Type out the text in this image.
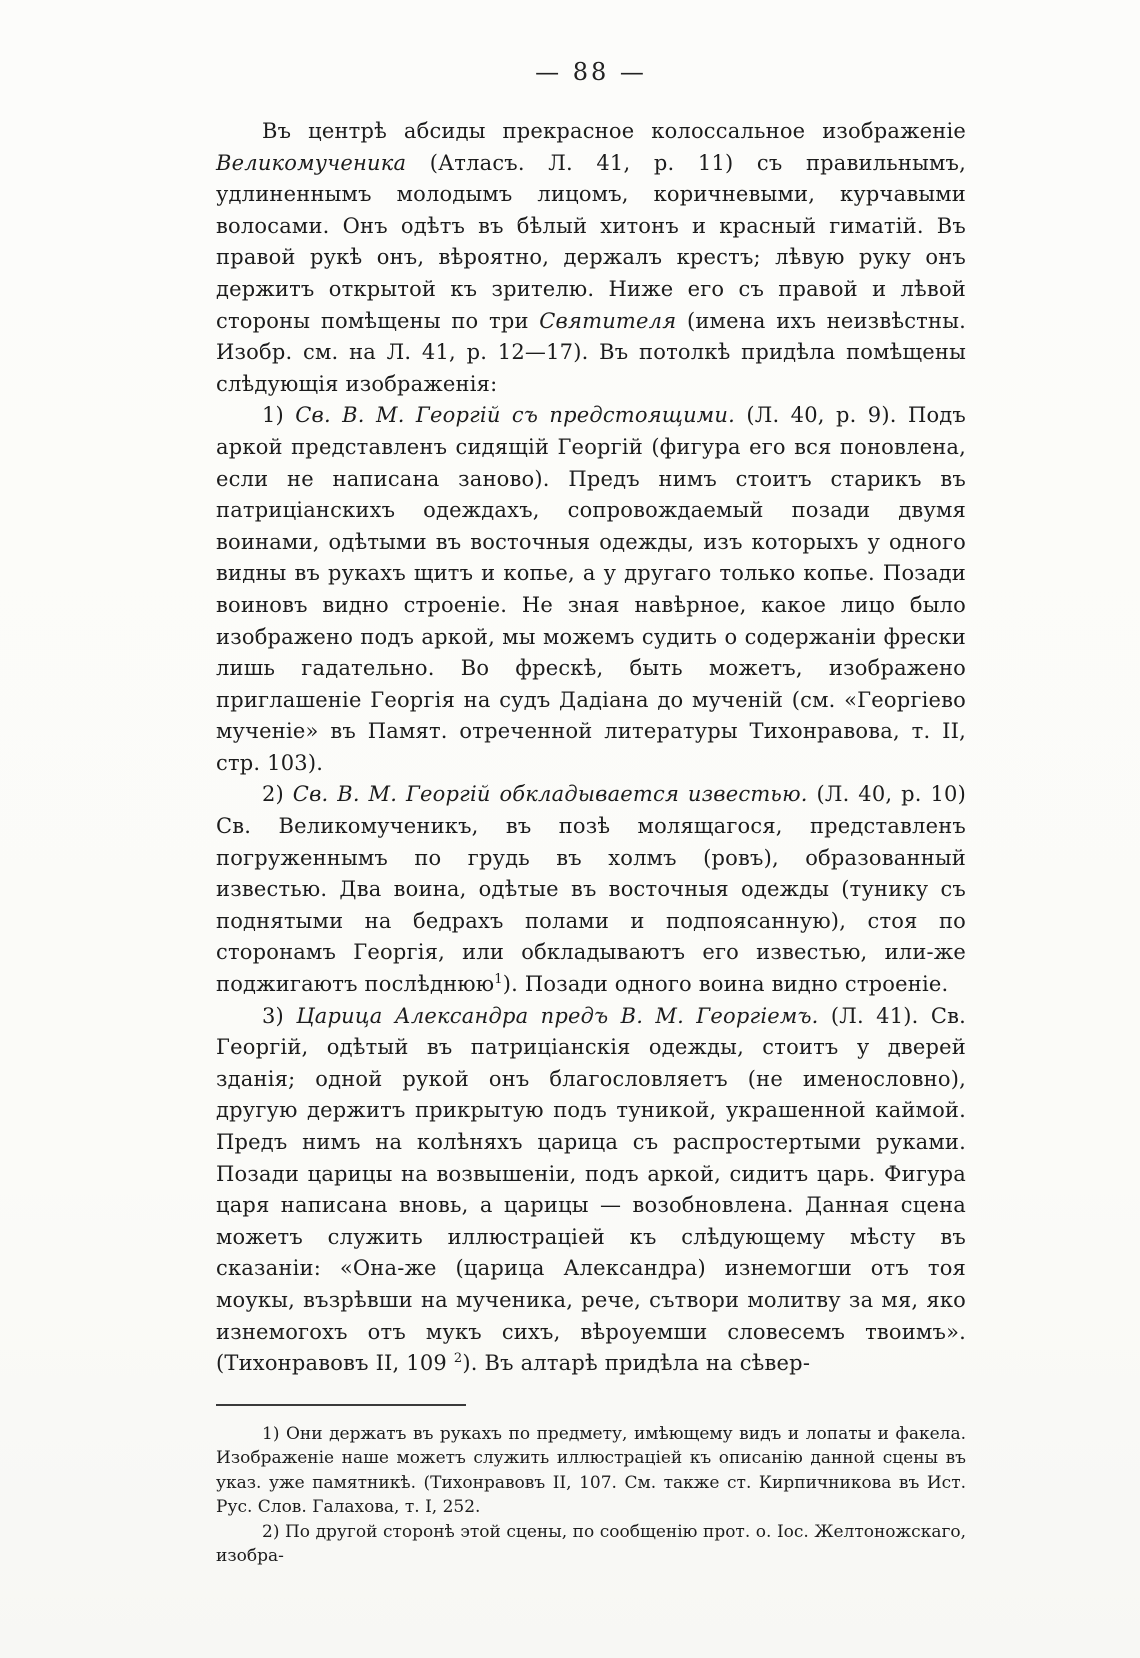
— 88 —

Въ центрѣ абсиды прекрасное колоссальное изображеніе Великомученика (Атласъ. Л. 41, р. 11) съ правильнымъ, удлиненнымъ молодымъ лицомъ, коричневыми, курчавыми волосами. Онъ одѣтъ въ бѣлый хитонъ и красный гиматій. Въ правой рукѣ онъ, вѣроятно, держалъ крестъ; лѣвую руку онъ держитъ открытой къ зрителю. Ниже его съ правой и лѣвой стороны помѣщены по три Святителя (имена ихъ неизвѣстны. Изобр. см. на Л. 41, р. 12—17). Въ потолкѣ придѣла помѣщены слѣдующія изображенія:

1) Св. В. М. Георгій съ предстоящими. (Л. 40, р. 9). Подъ аркой представленъ сидящій Георгій (фигура его вся поновлена, если не написана заново). Предъ нимъ стоитъ старикъ въ патриціанскихъ одеждахъ, сопровождаемый позади двумя воинами, одѣтыми въ восточныя одежды, изъ которыхъ у одного видны въ рукахъ щитъ и копье, а у другаго только копье. Позади воиновъ видно строеніе. Не зная навѣрное, какое лицо было изображено подъ аркой, мы можемъ судить о содержаніи фрески лишь гадательно. Во фрескѣ, быть можетъ, изображено приглашеніе Георгія на судъ Дадіана до мученій (см. «Георгіево мученіе» въ Памят. отреченной литературы Тихонравова, т. II, стр. 103).

2) Св. В. М. Георгій обкладывается известью. (Л. 40, р. 10) Св. Великомученикъ, въ позѣ молящагося, представленъ погруженнымъ по грудь въ холмъ (ровъ), образованный известью. Два воина, одѣтые въ восточныя одежды (тунику съ поднятыми на бедрахъ полами и подпоясанную), стоя по сторонамъ Георгія, или обкладываютъ его известью, или-же поджигаютъ послѣднюю$^1$). Позади одного воина видно строеніе.

3) Царица Александра предъ В. М. Георгіемъ. (Л. 41). Св. Георгій, одѣтый въ патриціанскія одежды, стоитъ у дверей зданія; одной рукой онъ благословляетъ (не именословно), другую держитъ прикрытую подъ туникой, украшенной каймой. Предъ нимъ на колѣняхъ царица съ распростертыми руками. Позади царицы на возвышеніи, подъ аркой, сидитъ царь. Фигура царя написана вновь, а царицы — возобновлена. Данная сцена можетъ служить иллюстраціей къ слѣдующему мѣсту въ сказаніи: «Она-же (царица Александра) изнемогши отъ тоя моукы, възрѣвши на мученика, рече, сътвори молитву за мя, яко изнемогохъ отъ мукъ сихъ, вѣроуемши словесемъ твоимъ». (Тихонравовъ II, 109 $^2$). Въ алтарѣ придѣла на сѣвер-

1) Они держатъ въ рукахъ по предмету, имѣющему видъ и лопаты и факела. Изображеніе наше можетъ служить иллюстраціей къ описанію данной сцены въ указ. уже памятникѣ. (Тихонравовъ II, 107. См. также ст. Кирпичникова въ Ист. Рус. Слов. Галахова, т. I, 252.

2) По другой сторонѣ этой сцены, по сообщенію прот. о. Іос. Желтоножскаго, изобра-
